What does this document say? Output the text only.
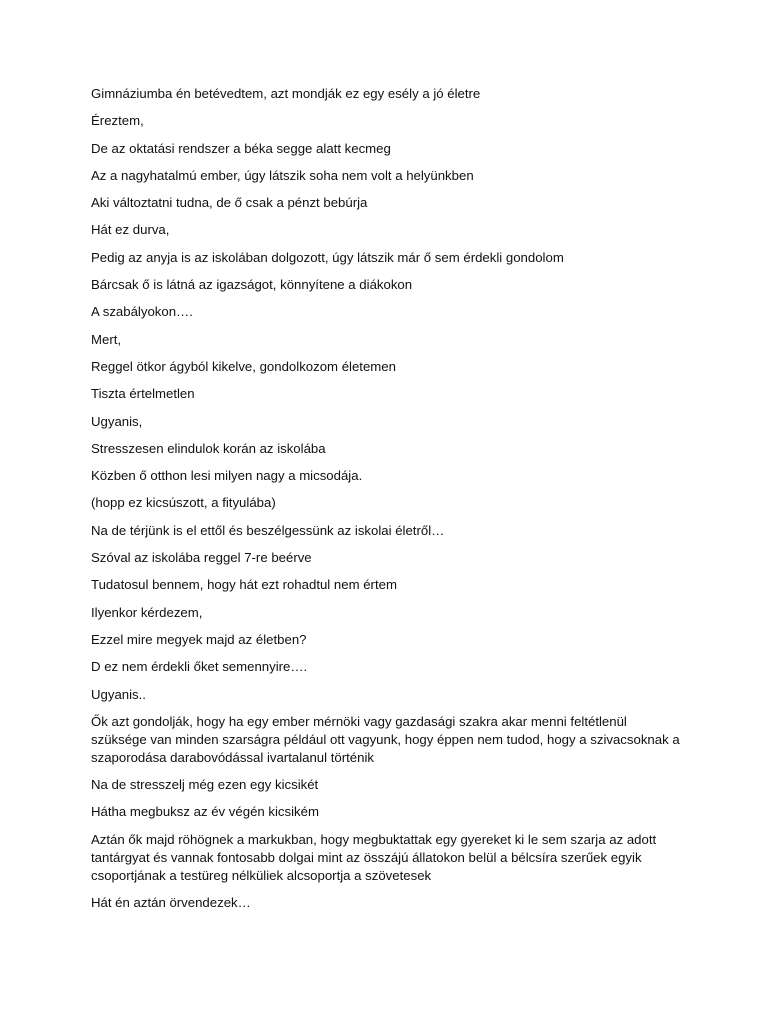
Gimnáziumba én betévedtem, azt mondják ez egy esély a jó életre

Éreztem,

De az oktatási rendszer a béka segge alatt kecmeg

Az a nagyhatalmú ember, úgy látszik soha nem volt a helyünkben

Aki változtatni tudna, de ő csak a pénzt bebúrja

Hát ez durva,

Pedig az anyja is az iskolában dolgozott, úgy látszik már ő sem érdekli gondolom

Bárcsak ő is látná az igazságot, könnyítene a diákokon

A szabályokon….

Mert,

Reggel ötkor ágyból kikelve, gondolkozom életemen

Tiszta értelmetlen

Ugyanis,

Stresszesen elindulok korán az iskolába

Közben ő otthon lesi milyen nagy a micsodája.

(hopp ez kicsúszott, a fityulába)

Na de térjünk is el ettől és beszélgessünk az iskolai életről…

Szóval az iskolába reggel 7-re beérve

Tudatosul bennem, hogy hát ezt rohadtul nem értem

Ilyenkor kérdezem,

Ezzel mire megyek majd az életben?

D ez nem érdekli őket semennyire….

Ugyanis..

Ők azt gondolják, hogy ha egy ember mérnöki vagy gazdasági szakra akar menni feltétlenül szüksége van minden szarságra például ott vagyunk, hogy éppen nem tudod, hogy a szivacsoknak a szaporodása darabovódással ivartalanul történik

Na de stresszelj még ezen egy kicsikét

Hátha megbuksz az év végén kicsikém

Aztán ők majd röhögnek a markukban, hogy megbuktattak egy gyereket ki le sem szarja az adott tantárgyat és vannak fontosabb dolgai mint az összájú állatokon belül a bélcsíra szerűek egyik csoportjának a testüreg nélküliek alcsoportja a szövetesek

Hát én aztán örvendezek…
